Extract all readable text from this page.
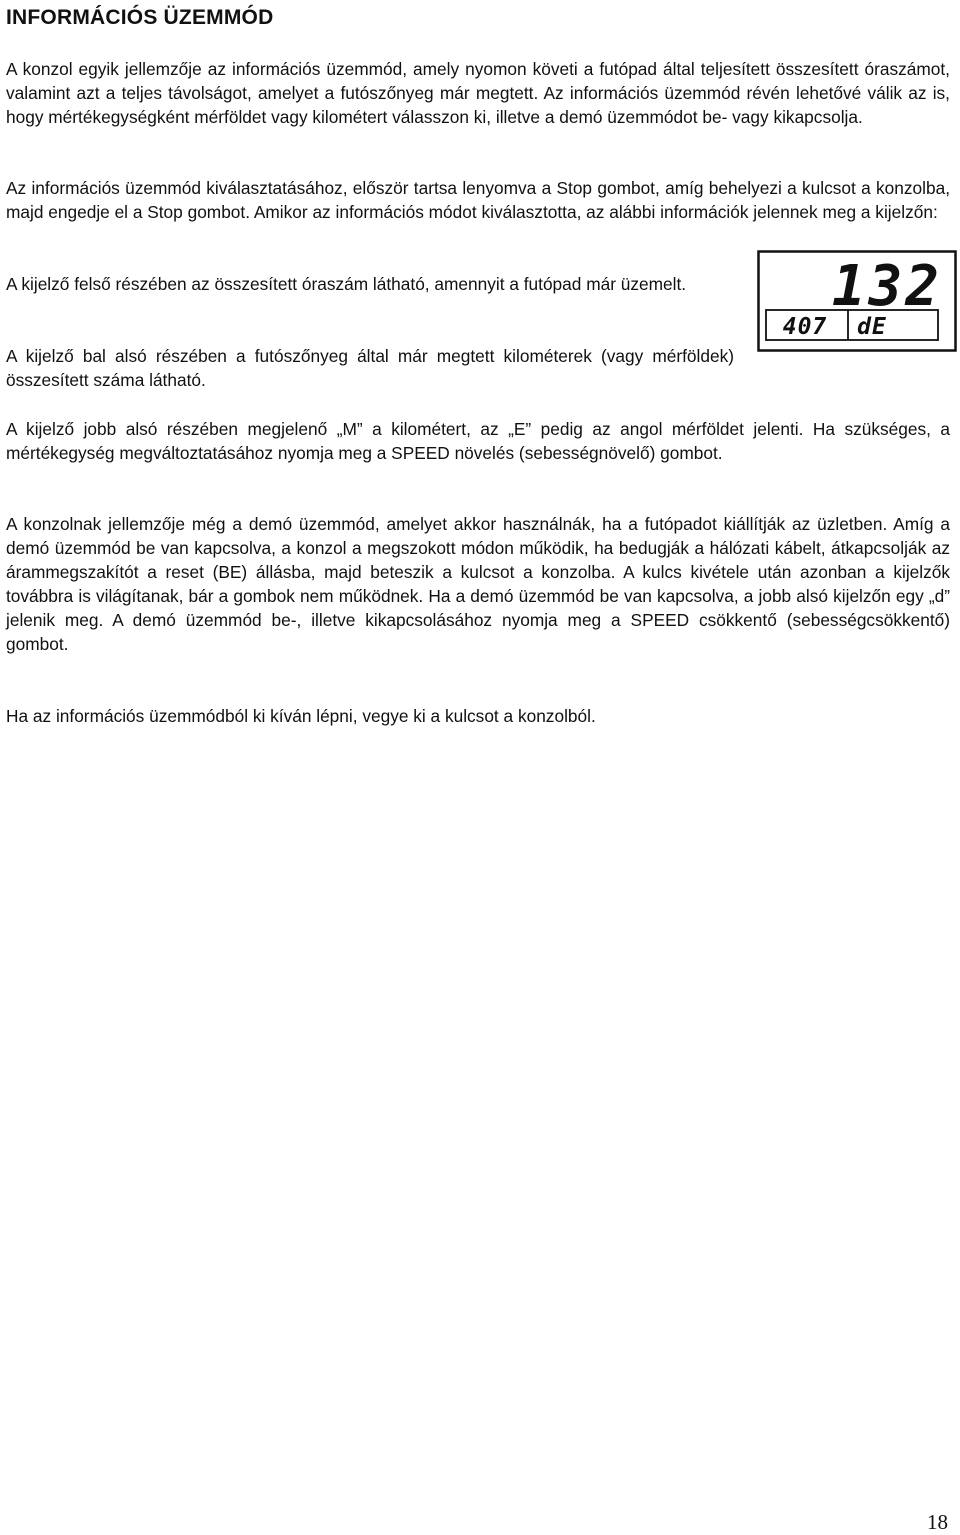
INFORMÁCIÓS ÜZEMMÓD

A konzol egyik jellemzője az információs üzemmód, amely nyomon követi a futópad által teljesített összesített óraszámot, valamint azt a teljes távolságot, amelyet a futószőnyeg már megtett. Az információs üzemmód révén lehetővé válik az is, hogy mértékegységként mérföldet vagy kilométert válasszon ki, illetve a demó üzemmódot be- vagy kikapcsolja.

Az információs üzemmód kiválasztatásához, először tartsa lenyomva a Stop gombot, amíg behelyezi a kulcsot a konzolba, majd engedje el a Stop gombot. Amikor az információs módot kiválasztotta, az alábbi információk jelennek meg a kijelzőn:

A kijelző felső részében az összesített óraszám látható, amennyit a futópad már üzemelt.

A kijelző bal alsó részében a futószőnyeg által már megtett kilométerek (vagy mérföldek) összesített száma látható.

A kijelző jobb alsó részében megjelenő „M” a kilométert, az „E” pedig az angol mérföldet jelenti. Ha szükséges, a mértékegység megváltoztatásához nyomja meg a SPEED növelés (sebességnövelő) gombot.

A konzolnak jellemzője még a demó üzemmód, amelyet akkor használnák, ha a futópadot kiállítják az üzletben. Amíg a demó üzemmód be van kapcsolva, a konzol a megszokott módon működik, ha bedugják a hálózati kábelt, átkapcsolják az árammegszakítót a reset (BE) állásba, majd beteszik a kulcsot a konzolba. A kulcs kivétele után azonban a kijelzők továbbra is világítanak, bár a gombok nem működnek. Ha a demó üzemmód be van kapcsolva, a jobb alsó kijelzőn egy „d” jelenik meg. A demó üzemmód be-, illetve kikapcsolásához nyomja meg a SPEED csökkentő (sebességcsökkentő) gombot.

Ha az információs üzemmódból ki kíván lépni, vegye ki a kulcsot a konzolból.

132
407 dE
18
